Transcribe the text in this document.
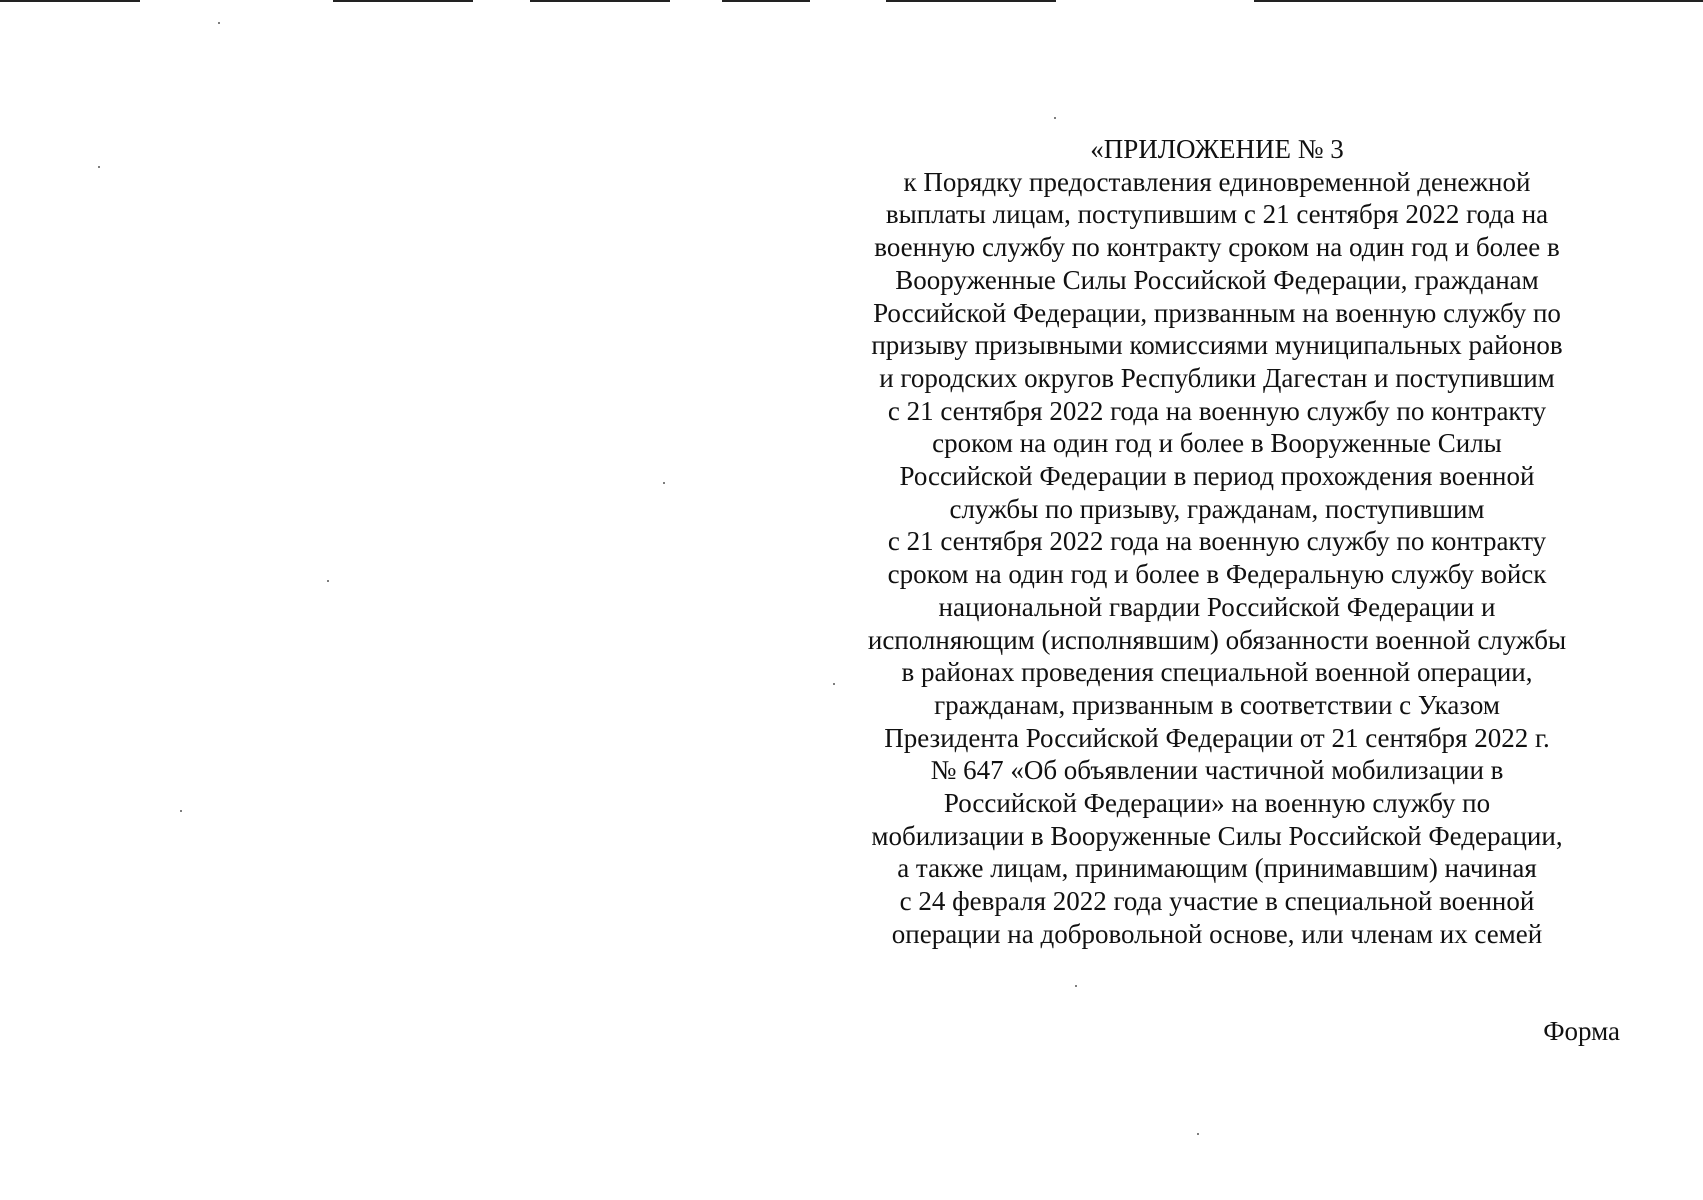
«ПРИЛОЖЕНИЕ № 3
к Порядку предоставления единовременной денежной
выплаты лицам, поступившим с 21 сентября 2022 года на
военную службу по контракту сроком на один год и более в
Вооруженные Силы Российской Федерации, гражданам
Российской Федерации, призванным на военную службу по
призыву призывными комиссиями муниципальных районов
и городских округов Республики Дагестан и поступившим
с 21 сентября 2022 года на военную службу по контракту
сроком на один год и более в Вооруженные Силы
Российской Федерации в период прохождения военной
службы по призыву, гражданам, поступившим
с 21 сентября 2022 года на военную службу по контракту
сроком на один год и более в Федеральную службу войск
национальной гвардии Российской Федерации и
исполняющим (исполнявшим) обязанности военной службы
в районах проведения специальной военной операции,
гражданам, призванным в соответствии с Указом
Президента Российской Федерации от 21 сентября 2022 г.
№ 647 «Об объявлении частичной мобилизации в
Российской Федерации» на военную службу по
мобилизации в Вооруженные Силы Российской Федерации,
а также лицам, принимающим (принимавшим) начиная
с 24 февраля 2022 года участие в специальной военной
операции на добровольной основе, или членам их семей
Форма
